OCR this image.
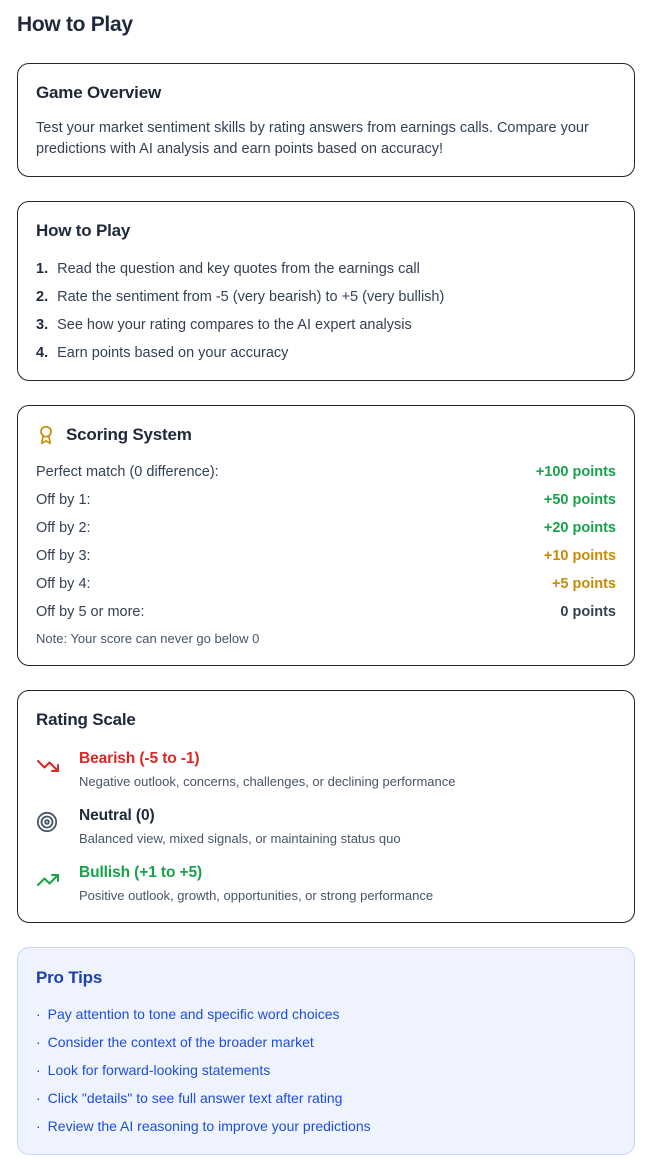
How to Play
Game Overview

Test your market sentiment skills by rating answers from earnings calls. Compare your predictions with AI analysis and earn points based on accuracy!

How to Play
1. Read the question and key quotes from the earnings call
2. Rate the sentiment from -5 (very bearish) to +5 (very bullish)
3. See how your rating compares to the AI expert analysis
4. Earn points based on your accuracy
Scoring System
Perfect match (0 difference):	+100 points
Off by 1:	+50 points
Off by 2:	+20 points
Off by 3:	+10 points
Off by 4:	+5 points
Off by 5 or more:	0 points

Note: Your score can never go below 0

Rating Scale
Bearish (-5 to -1)
Negative outlook, concerns, challenges, or declining performance
Neutral (0)
Balanced view, mixed signals, or maintaining status quo
Bullish (+1 to +5)
Positive outlook, growth, opportunities, or strong performance
Pro Tips
· Pay attention to tone and specific word choices
· Consider the context of the broader market
· Look for forward-looking statements
· Click "details" to see full answer text after rating
· Review the AI reasoning to improve your predictions
